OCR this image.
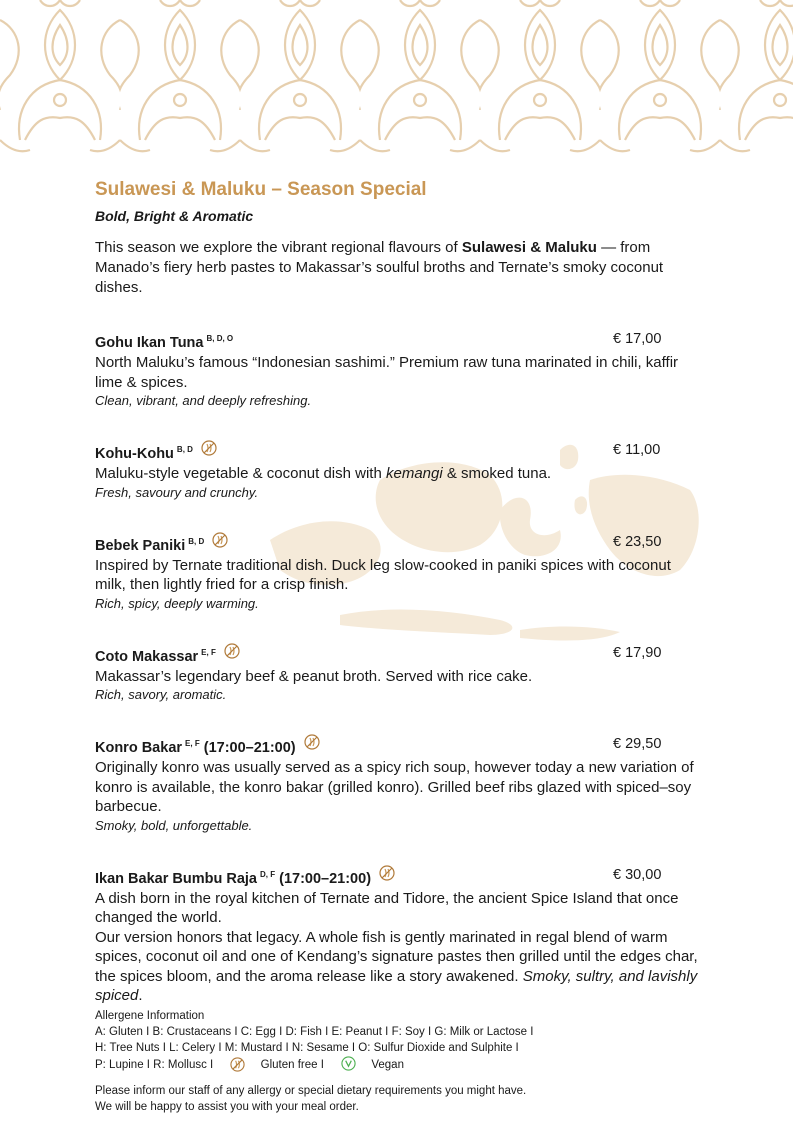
Sulawesi & Maluku – Season Special
Bold, Bright & Aromatic
This season we explore the vibrant regional flavours of Sulawesi & Maluku — from Manado’s fiery herb pastes to Makassar’s soulful broths and Ternate’s smoky coconut dishes.
Gohu Ikan Tuna $^{B, D, O}$	€ 17,00
North Maluku’s famous “Indonesian sashimi.” Premium raw tuna marinated in chili, kaffir lime & spices.
Clean, vibrant, and deeply refreshing.
Kohu-Kohu $^{B, D}$	€ 11,00
Maluku-style vegetable & coconut dish with kemangi & smoked tuna.
Fresh, savoury and crunchy.
Bebek Paniki $^{B, D}$	€ 23,50
Inspired by Ternate traditional dish. Duck leg slow-cooked in paniki spices with coconut milk, then lightly fried for a crisp finish.
Rich, spicy, deeply warming.
Coto Makassar $^{E, F}$	€ 17,90
Makassar’s legendary beef & peanut broth. Served with rice cake.
Rich, savory, aromatic.
Konro Bakar $^{E, F}$ (17:00–21:00)	€ 29,50
Originally konro was usually served as a spicy rich soup, however today a new variation of konro is available, the konro bakar (grilled konro). Grilled beef ribs glazed with spiced–soy barbecue.
Smoky, bold, unforgettable.
Ikan Bakar Bumbu Raja $^{D, F}$ (17:00–21:00)	€ 30,00
A dish born in the royal kitchen of Ternate and Tidore, the ancient Spice Island that once changed the world.
Our version honors that legacy. A whole fish is gently marinated in regal blend of warm spices, coconut oil and one of Kendang’s signature pastes then grilled until the edges char, the spices bloom, and the aroma release like a story awakened. Smoky, sultry, and lavishly spiced.
Allergene Information
A: Gluten I B: Crustaceans I C: Egg I D: Fish I E: Peanut I F: Soy I G: Milk or Lactose I
H: Tree Nuts I L: Celery I M: Mustard I N: Sesame I O: Sulfur Dioxide and Sulphite I
P: Lupine I R: Mollusc I	Gluten free I	Vegan
Please inform our staff of any allergy or special dietary requirements you might have.
We will be happy to assist you with your meal order.
